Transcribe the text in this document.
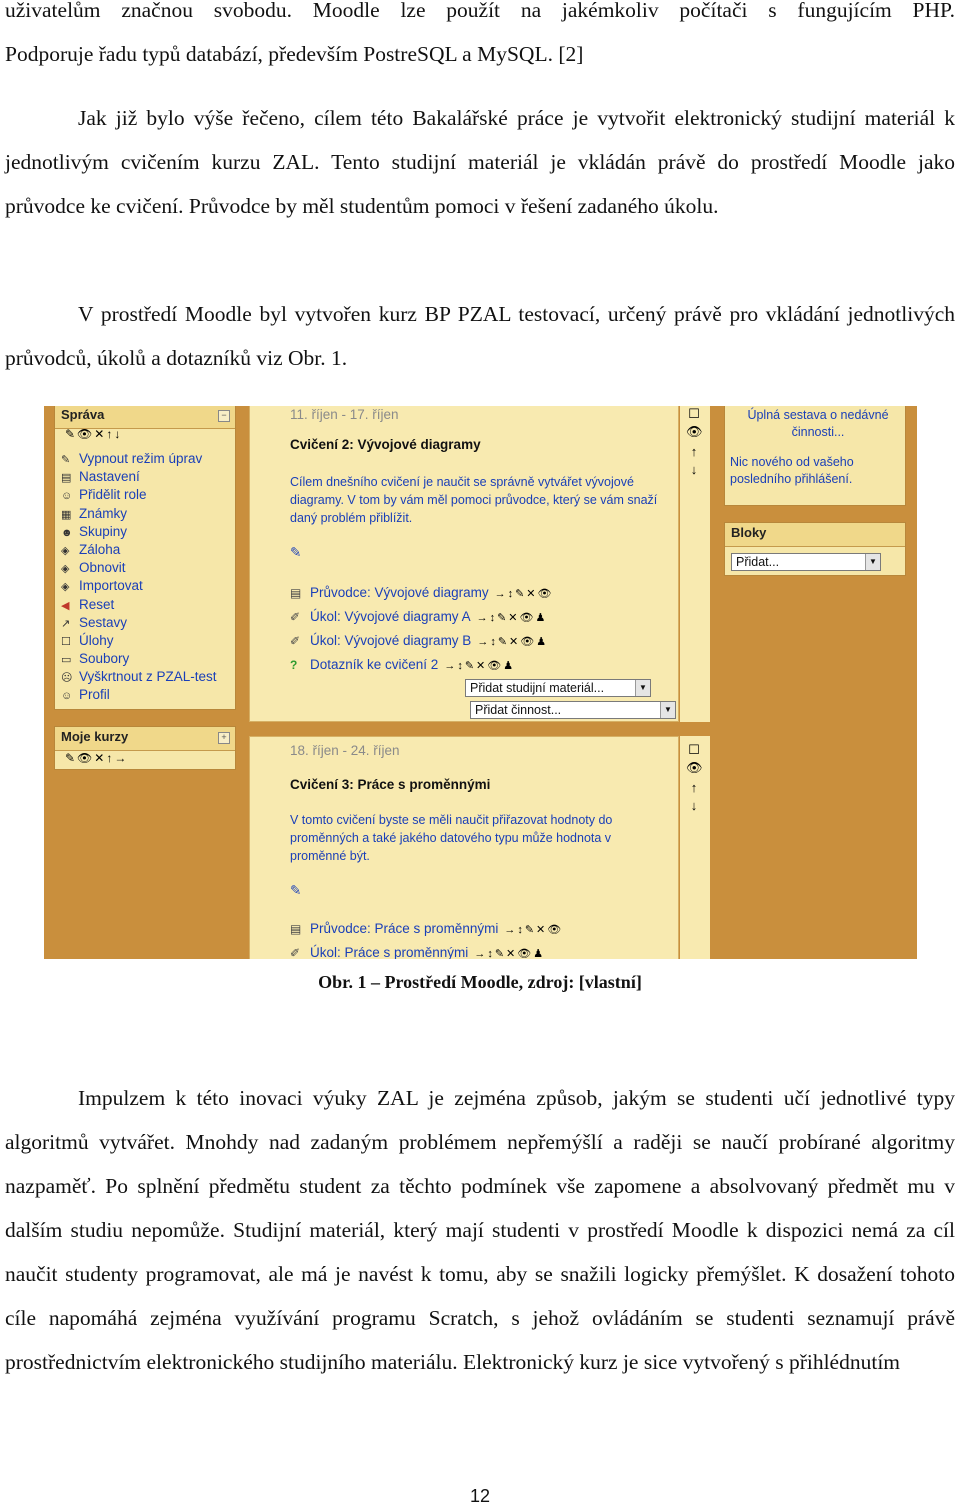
uživatelům značnou svobodu. Moodle lze použít na jakémkoliv počítači s fungujícím PHP.
Podporuje řadu typů databází, především PostreSQL a MySQL. [2]

Jak již bylo výše řečeno, cílem této Bakalářské práce je vytvořit elektronický studijní materiál k jednotlivým cvičením kurzu ZAL. Tento studijní materiál je vkládán právě do prostředí Moodle jako průvodce ke cvičení. Průvodce by měl studentům pomoci v řešení zadaného úkolu.

V prostředí Moodle byl vytvořen kurz BP PZAL testovací, určený právě pro vkládání jednotlivých průvodců, úkolů a dotazníků viz Obr. 1.

Správa	−
✎👁✕↑↓
✎ Vypnout režim úprav
▤ Nastavení
☺ Přidělit role
▦ Známky
☻ Skupiny
◈ Záloha
◈ Obnovit
◈ Importovat
◀ Reset
↗ Sestavy
☐ Úlohy
▭ Soubory
☹ Vyškrtnout z PZAL-test
☺ Profil
Moje kurzy	+
✎👁✕↑→
11. říjen - 17. říjen
Cvičení 2: Vývojové diagramy
Cílem dnešního cvičení je naučit se správně vytvářet vývojové diagramy. V tom by vám měl pomoci průvodce, který se vám snaží daný problém přiblížit.
✎
▤ Průvodce: Vývojové diagramy →↕✎✕👁
✐ Úkol: Vývojové diagramy A →↕✎✕👁♟
✐ Úkol: Vývojové diagramy B →↕✎✕👁♟
? Dotazník ke cvičení 2 →↕✎✕👁♟
Přidat studijní materiál...	▼
Přidat činnost...	▼
18. říjen - 24. říjen
Cvičení 3: Práce s proměnnými
V tomto cvičení byste se měli naučit přiřazovat hodnoty do proměnných a také jakého datového typu může hodnota v proměnné být.
✎
▤ Průvodce: Práce s proměnnými →↕✎✕👁
✐ Úkol: Práce s proměnnými →↕✎✕👁♟
☐
👁
↑
↓
☐
👁
↑
↓
Úplná sestava o nedávné činnosti...
Nic nového od vašeho posledního přihlášení.
Bloky
Přidat...	▼
Obr. 1 – Prostředí Moodle, zdroj: [vlastní]

Impulzem k této inovaci výuky ZAL je zejména způsob, jakým se studenti učí jednotlivé typy algoritmů vytvářet. Mnohdy nad zadaným problémem nepřemýšlí a raději se naučí probírané algoritmy nazpaměť. Po splnění předmětu student za těchto podmínek vše zapomene a absolvovaný předmět mu v dalším studiu nepomůže. Studijní materiál, který mají studenti v prostředí Moodle k dispozici nemá za cíl naučit studenty programovat, ale má je navést k tomu, aby se snažili logicky přemýšlet. K dosažení tohoto cíle napomáhá zejména využívání programu Scratch, s jehož ovládáním se studenti seznamují právě prostřednictvím elektronického studijního materiálu. Elektronický kurz je sice vytvořený s přihlédnutím

12
